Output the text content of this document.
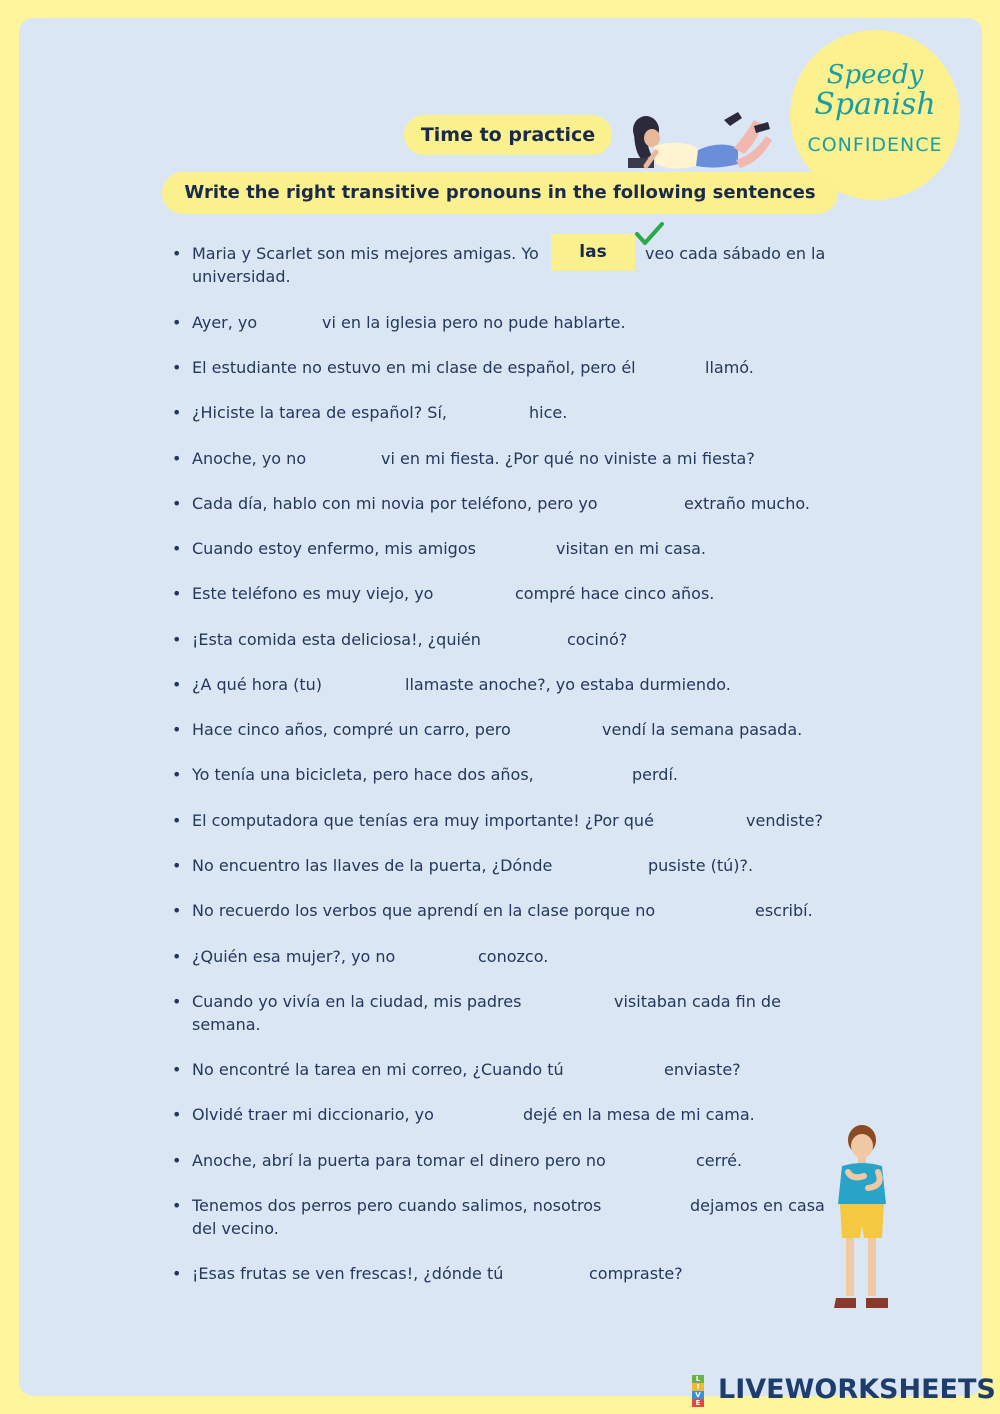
Speedy
Spanish
CONFIDENCE
Time to practice
Write the right transitive pronouns in the following sentences
las
• Maria y Scarlet son mis mejores amigas. Yo	veo cada sábado en la
universidad.
• Ayer, yo	vi en la iglesia pero no pude hablarte.
• El estudiante no estuvo en mi clase de español, pero él	llamó.
• ¿Hiciste la tarea de español? Sí,	hice.
• Anoche, yo no	vi en mi fiesta. ¿Por qué no viniste a mi fiesta?
• Cada día, hablo con mi novia por teléfono, pero yo	extraño mucho.
• Cuando estoy enfermo, mis amigos	visitan en mi casa.
• Este teléfono es muy viejo, yo	compré hace cinco años.
• ¡Esta comida esta deliciosa!, ¿quién	cocinó?
• ¿A qué hora (tu)	llamaste anoche?, yo estaba durmiendo.
• Hace cinco años, compré un carro, pero	vendí la semana pasada.
• Yo tenía una bicicleta, pero hace dos años,	perdí.
• El computadora que tenías era muy importante! ¿Por qué	vendiste?
• No encuentro las llaves de la puerta, ¿Dónde	pusiste (tú)?.
• No recuerdo los verbos que aprendí en la clase porque no	escribí.
• ¿Quién esa mujer?, yo no	conozco.
• Cuando yo vivía en la ciudad, mis padres	visitaban cada fin de
semana.
• No encontré la tarea en mi correo, ¿Cuando tú	enviaste?
• Olvidé traer mi diccionario, yo	dejé en la mesa de mi cama.
• Anoche, abrí la puerta para tomar el dinero pero no	cerré.
• Tenemos dos perros pero cuando salimos, nosotros	dejamos en casa
del vecino.
• ¡Esas frutas se ven frescas!, ¿dónde tú	compraste?
L
I
V
E LIVEWORKSHEETS
